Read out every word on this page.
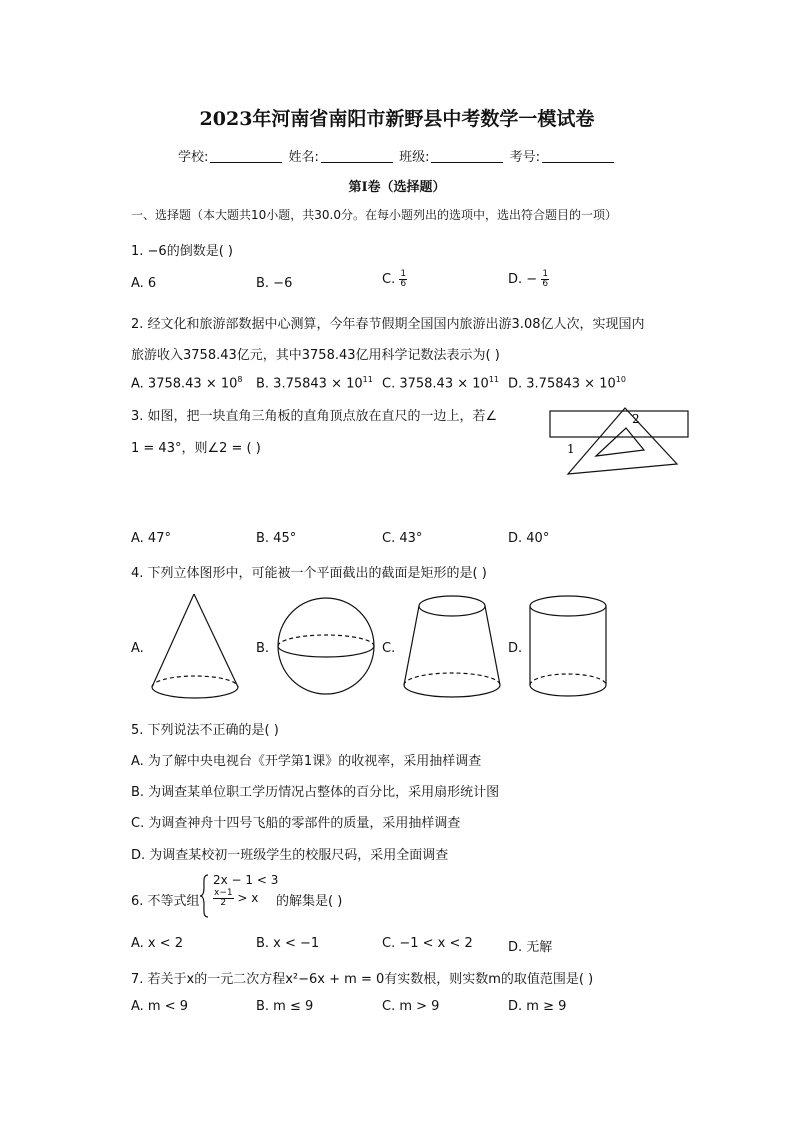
2023年河南省南阳市新野县中考数学一模试卷
学校:	姓名:	班级:	考号:
第I卷（选择题）
一、选择题（本大题共10小题，共30.0分。在每小题列出的选项中，选出符合题目的一项）
1. −6的倒数是( )
A. 6	B. −6	C. $\frac{1}{6}$	D. − $\frac{1}{6}$
2. 经文化和旅游部数据中心测算，今年春节假期全国国内旅游出游3.08亿人次，实现国内
旅游收入3758.43亿元，其中3758.43亿用科学记数法表示为( )
A. $3758.43 \times 10^8$ B. $3.75843 \times 10^{11}$ C. $3758.43 \times 10^{11}$ D. $3.75843 \times 10^{10}$
3. 如图，把一块直角三角板的直角顶点放在直尺的一边上，若∠
1 = 43°，则∠2 = ( )	1
2
A. 47°	B. 45°	C. 43°	D. 40°
4. 下列立体图形中，可能被一个平面截出的截面是矩形的是( )
A.	B.	C.	D.
5. 下列说法不正确的是( )
A. 为了解中央电视台《开学第1课》的收视率，采用抽样调查
B. 为调查某单位职工学历情况占整体的百分比，采用扇形统计图
C. 为调查神舟十四号飞船的零部件的质量，采用抽样调查
D. 为调查某校初一班级学生的校服尺码，采用全面调查
6. 不等式组
2x − 1 < 3
$\frac{x-1}{2} > x$ 的解集是( )
A. x < 2	B. x < −1	C. −1 < x < 2	D. 无解
7. 若关于x的一元二次方程x²−6x + m = 0有实数根，则实数m的取值范围是( )
A. m < 9	B. m ≤ 9	C. m > 9	D. m ≥ 9
